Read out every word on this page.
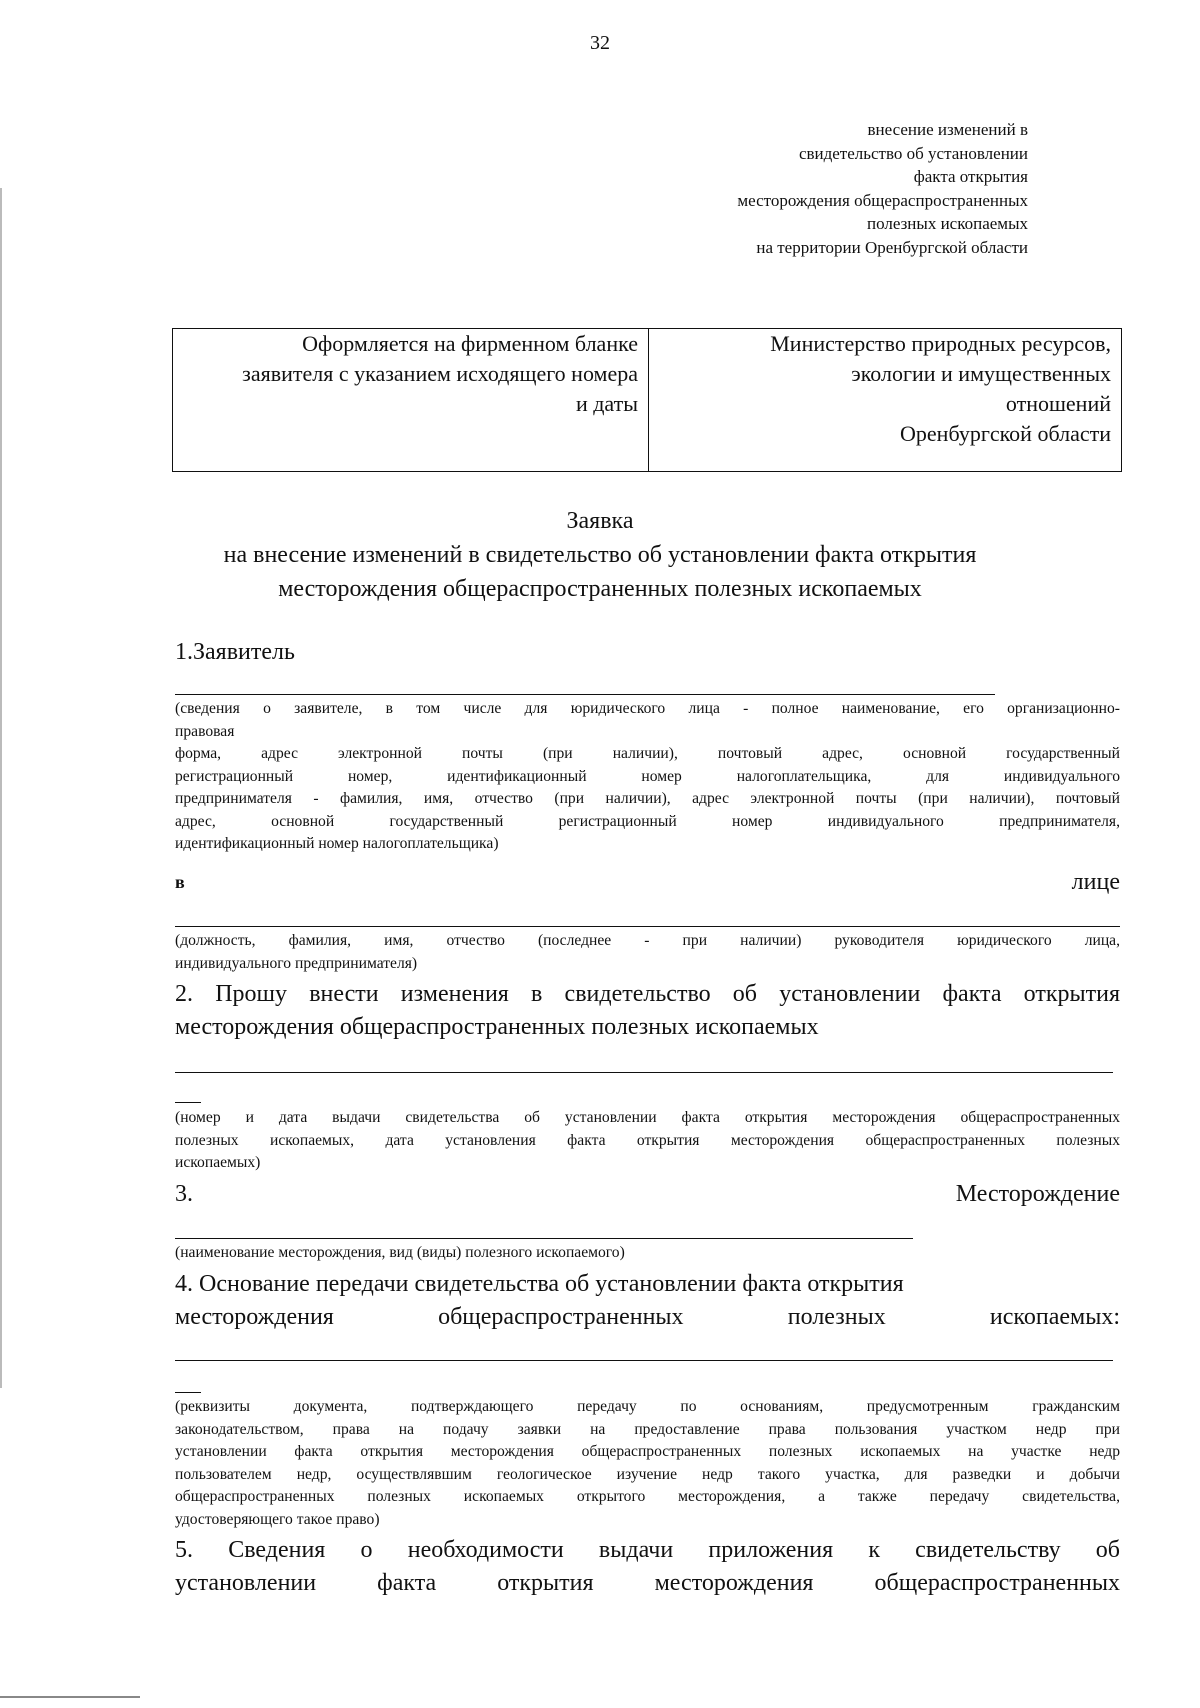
32
внесение изменений в
свидетельство об установлении
факта открытия
месторождения общераспространенных
полезных ископаемых
на территории Оренбургской области
Оформляется на фирменном бланке
заявителя с указанием исходящего номера
и даты
Министерство природных ресурсов,
экологии и имущественных
отношений
Оренбургской области
Заявка
на внесение изменений в свидетельство об установлении факта открытия
месторождения общераспространенных полезных ископаемых
1.Заявитель
(сведения о заявителе, в том числе для юридического лица - полное наименование, его организационно-
правовая
форма, адрес электронной почты (при наличии), почтовый адрес, основной государственный
регистрационный номер, идентификационный номер налогоплательщика, для индивидуального
предпринимателя - фамилия, имя, отчество (при наличии), адрес электронной почты (при наличии), почтовый
адрес, основной государственный регистрационный номер индивидуального предпринимателя,
идентификационный номер налогоплательщика)
в	лице
(должность, фамилия, имя, отчество (последнее - при наличии) руководителя юридического лица,
индивидуального предпринимателя)
2. Прошу внести изменения в свидетельство об установлении факта открытия
месторождения общераспространенных полезных ископаемых
(номер и дата выдачи свидетельства об установлении факта открытия месторождения общераспространенных
полезных ископаемых, дата установления факта открытия месторождения общераспространенных полезных
ископаемых)
3.	Месторождение
(наименование месторождения, вид (виды) полезного ископаемого)
4. Основание передачи свидетельства об установлении факта открытия
месторождения общераспространенных полезных ископаемых:
(реквизиты документа, подтверждающего передачу по основаниям, предусмотренным гражданским
законодательством, права на подачу заявки на предоставление права пользования участком недр при
установлении факта открытия месторождения общераспространенных полезных ископаемых на участке недр
пользователем недр, осуществлявшим геологическое изучение недр такого участка, для разведки и добычи
общераспространенных полезных ископаемых открытого месторождения, а также передачу свидетельства,
удостоверяющего такое право)
5. Сведения о необходимости выдачи приложения к свидетельству об
установлении факта открытия месторождения общераспространенных
